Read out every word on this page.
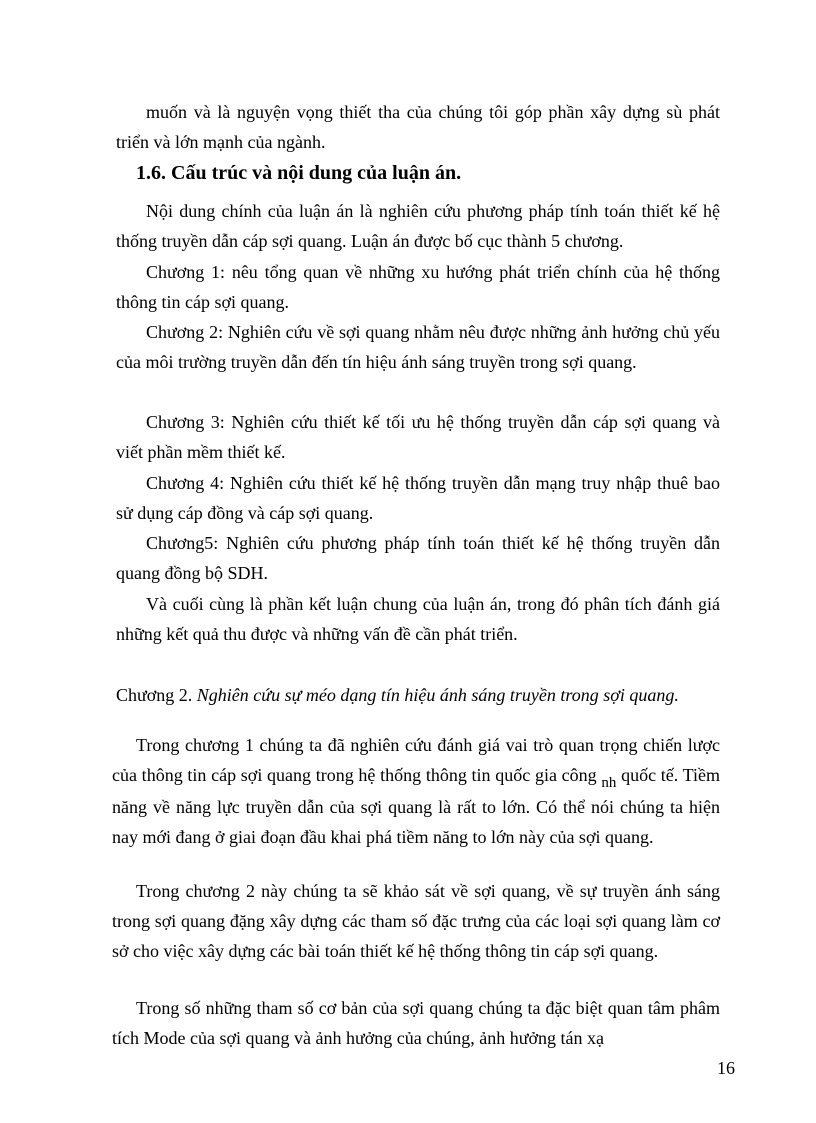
muốn và là nguyện vọng thiết tha của chúng tôi góp phần xây dựng sù phát triển và lớn mạnh của ngành.

1.6. Cấu trúc và nội dung của luận án.

Nội dung chính của luận án là nghiên cứu phương pháp tính toán thiết kế hệ thống truyền dẫn cáp sợi quang. Luận án được bố cục thành 5 chương.

Chương 1: nêu tổng quan về những xu hướng phát triển chính của hệ thống thông tin cáp sợi quang.

Chương 2: Nghiên cứu về sợi quang nhằm nêu được những ảnh hưởng chủ yếu của môi trường truyền dẫn đến tín hiệu ánh sáng truyền trong sợi quang.

Chương 3: Nghiên cứu thiết kế tối ưu hệ thống truyền dẫn cáp sợi quang và viết phần mềm thiết kế.

Chương 4: Nghiên cứu thiết kế hệ thống truyền dẫn mạng truy nhập thuê bao sử dụng cáp đồng và cáp sợi quang.

Chương5: Nghiên cứu phương pháp tính toán thiết kế hệ thống truyền dẫn quang đồng bộ SDH.

Và cuối cùng là phần kết luận chung của luận án, trong đó phân tích đánh giá những kết quả thu được và những vấn đề cần phát triển.

Chương 2. Nghiên cứu sự méo dạng tín hiệu ánh sáng truyền trong sợi quang.

Trong chương 1 chúng ta đã nghiên cứu đánh giá vai trò quan trọng chiến lược của thông tin cáp sợi quang trong hệ thống thông tin quốc gia công $_{nh}$ quốc tế. Tiềm năng về năng lực truyền dẫn của sợi quang là rất to lớn. Có thể nói chúng ta hiện nay mới đang ở giai đoạn đầu khai phá tiềm năng to lớn này của sợi quang.

Trong chương 2 này chúng ta sẽ khảo sát về sợi quang, về sự truyền ánh sáng trong sợi quang đặng xây dựng các tham số đặc trưng của các loại sợi quang làm cơ sở cho việc xây dựng các bài toán thiết kế hệ thống thông tin cáp sợi quang.

Trong số những tham số cơ bản của sợi quang chúng ta đặc biệt quan tâm phâm tích Mode của sợi quang và ảnh hưởng của chúng, ảnh hưởng tán xạ

16
